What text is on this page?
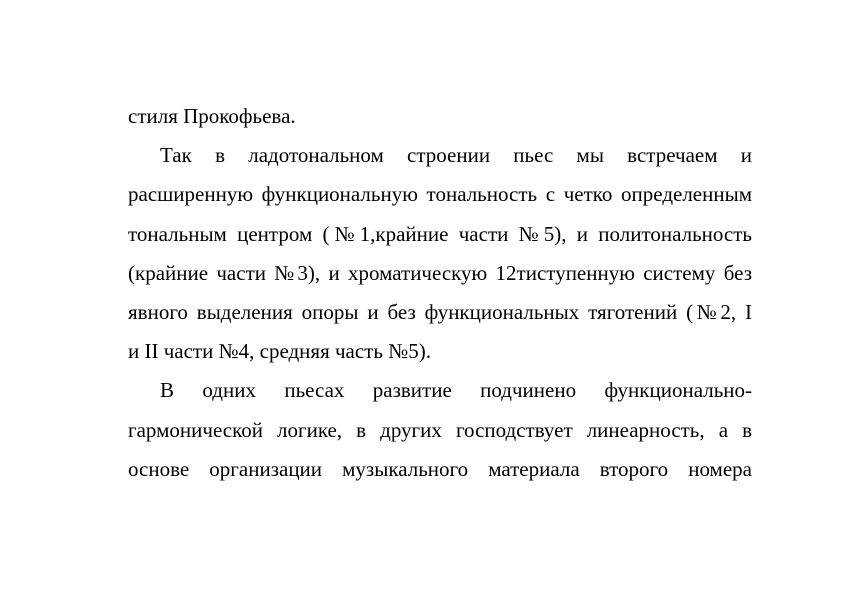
стиля Прокофьева.
Так в ладотональном строении пьес мы встречаем и
расширенную функциональную тональность с четко определенным
тональным центром (№1,крайние части №5), и политональность
(крайние части №3), и хроматическую 12тиступенную систему без
явного выделения опоры и без функциональных тяготений (№2, I
и II части №4, средняя часть №5).
В одних пьесах развитие подчинено функционально-
гармонической логике, в других господствует линеарность, а в
основе организации музыкального материала второго номера
